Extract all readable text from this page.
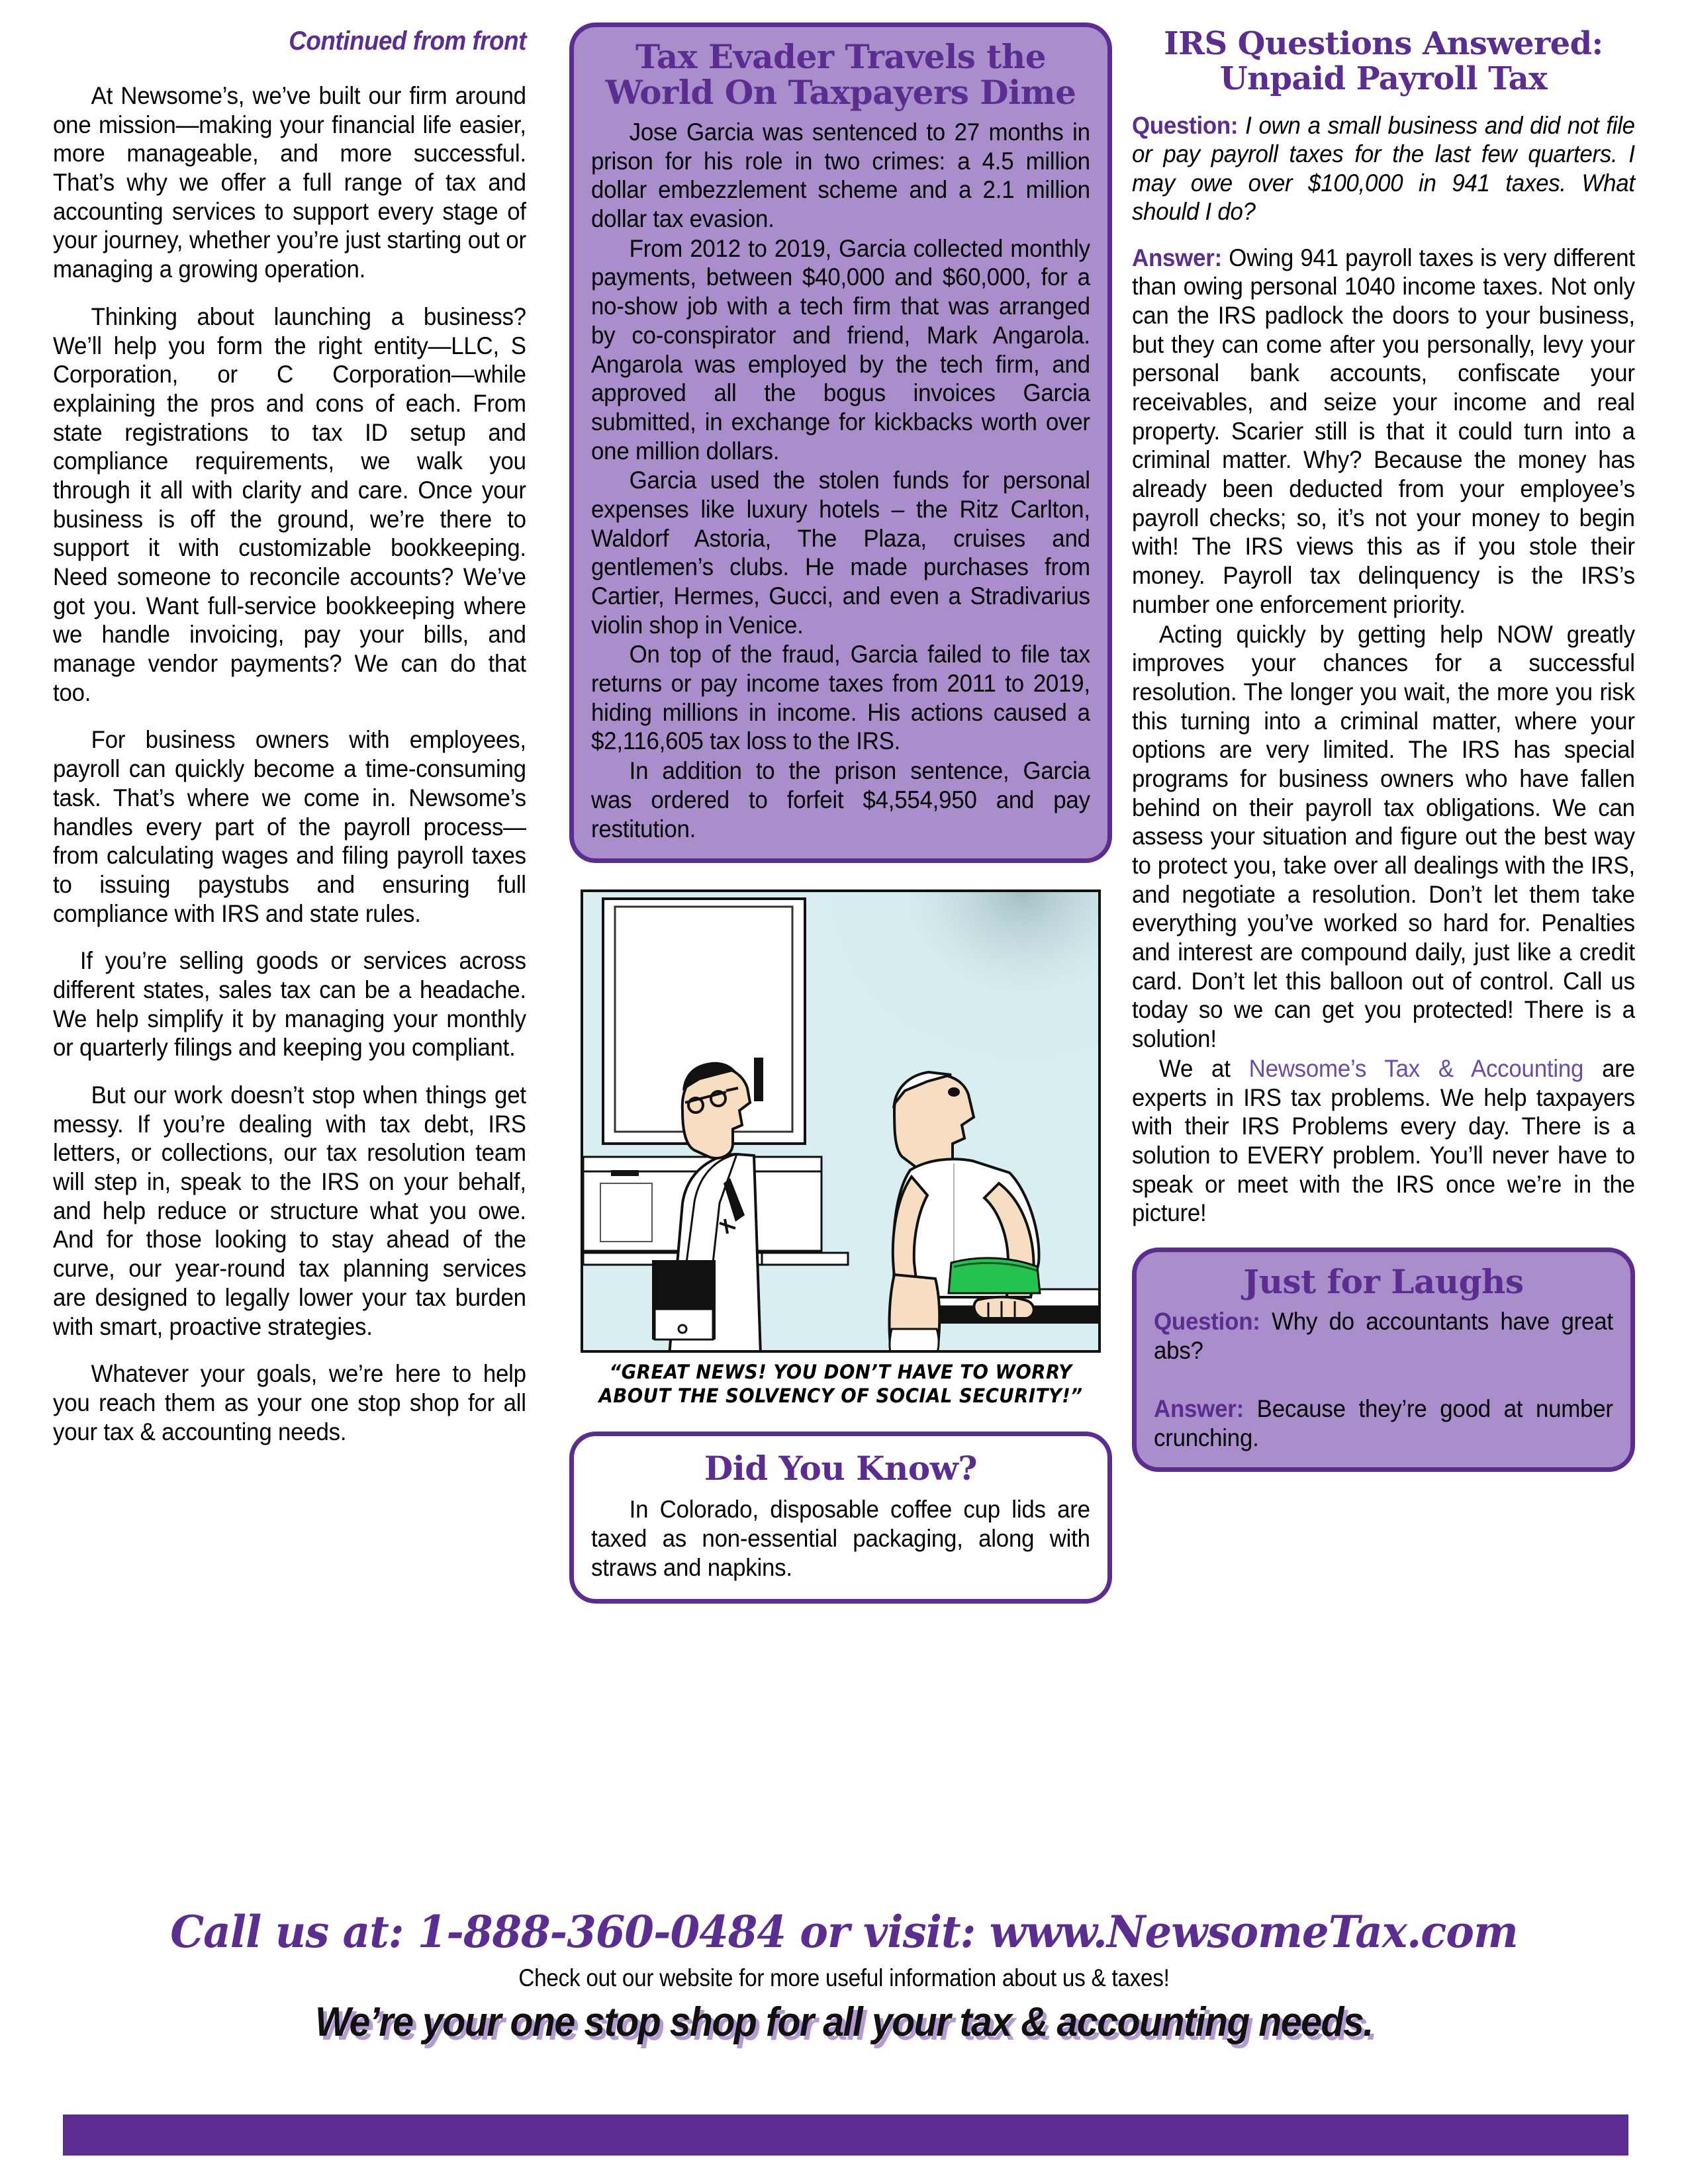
Continued from front

At Newsome’s, we’ve built our firm around one mission—making your financial life easier, more manageable, and more successful. That’s why we offer a full range of tax and accounting services to support every stage of your journey, whether you’re just starting out or managing a growing operation.

Thinking about launching a business? We’ll help you form the right entity—LLC, S Corporation, or C Corporation—while explaining the pros and cons of each. From state registrations to tax ID setup and compliance requirements, we walk you through it all with clarity and care. Once your business is off the ground, we’re there to support it with customizable bookkeeping. Need someone to reconcile accounts? We’ve got you. Want full-service bookkeeping where we handle invoicing, pay your bills, and manage vendor payments? We can do that too.

For business owners with employees, payroll can quickly become a time-consuming task. That’s where we come in. Newsome’s handles every part of the payroll process—from calculating wages and filing payroll taxes to issuing paystubs and ensuring full compliance with IRS and state rules.

If you’re selling goods or services across different states, sales tax can be a headache. We help simplify it by managing your monthly or quarterly filings and keeping you compliant.

But our work doesn’t stop when things get messy. If you’re dealing with tax debt, IRS letters, or collections, our tax resolution team will step in, speak to the IRS on your behalf, and help reduce or structure what you owe. And for those looking to stay ahead of the curve, our year-round tax planning services are designed to legally lower your tax burden with smart, proactive strategies.

Whatever your goals, we’re here to help you reach them as your one stop shop for all your tax & accounting needs.

Tax Evader Travels the World On Taxpayers Dime

Jose Garcia was sentenced to 27 months in prison for his role in two crimes: a 4.5 million dollar embezzlement scheme and a 2.1 million dollar tax evasion.

From 2012 to 2019, Garcia collected monthly payments, between $40,000 and $60,000, for a no-show job with a tech firm that was arranged by co-conspirator and friend, Mark Angarola. Angarola was employed by the tech firm, and approved all the bogus invoices Garcia submitted, in exchange for kickbacks worth over one million dollars.

Garcia used the stolen funds for personal expenses like luxury hotels – the Ritz Carlton, Waldorf Astoria, The Plaza, cruises and gentlemen’s clubs. He made purchases from Cartier, Hermes, Gucci, and even a Stradivarius violin shop in Venice.

On top of the fraud, Garcia failed to file tax returns or pay income taxes from 2011 to 2019, hiding millions in income. His actions caused a $2,116,605 tax loss to the IRS.

In addition to the prison sentence, Garcia was ordered to forfeit $4,554,950 and pay restitution.

“GREAT NEWS! YOU DON’T HAVE TO WORRY ABOUT THE SOLVENCY OF SOCIAL SECURITY!”
Did You Know?

In Colorado, disposable coffee cup lids are taxed as non-essential packaging, along with straws and napkins.

IRS Questions Answered:
Unpaid Payroll Tax

Question: I own a small business and did not file or pay payroll taxes for the last few quarters. I may owe over $100,000 in 941 taxes. What should I do?

Answer: Owing 941 payroll taxes is very different than owing personal 1040 income taxes. Not only can the IRS padlock the doors to your business, but they can come after you personally, levy your personal bank accounts, confiscate your receivables, and seize your income and real property. Scarier still is that it could turn into a criminal matter. Why? Because the money has already been deducted from your employee’s payroll checks; so, it’s not your money to begin with! The IRS views this as if you stole their money. Payroll tax delinquency is the IRS’s number one enforcement priority.

Acting quickly by getting help NOW greatly improves your chances for a successful resolution. The longer you wait, the more you risk this turning into a criminal matter, where your options are very limited. The IRS has special programs for business owners who have fallen behind on their payroll tax obligations. We can assess your situation and figure out the best way to protect you, take over all dealings with the IRS, and negotiate a resolution. Don’t let them take everything you’ve worked so hard for. Penalties and interest are compound daily, just like a credit card. Don’t let this balloon out of control. Call us today so we can get you protected! There is a solution!

We at Newsome’s Tax & Accounting are experts in IRS tax problems. We help taxpayers with their IRS Problems every day. There is a solution to EVERY problem. You’ll never have to speak or meet with the IRS once we’re in the picture!

Just for Laughs

Question: Why do accountants have great abs?

Answer: Because they’re good at number crunching.

Call us at: 1-888-360-0484 or visit: www.NewsomeTax.com
Check out our website for more useful information about us & taxes!
We’re your one stop shop for all your tax & accounting needs.
